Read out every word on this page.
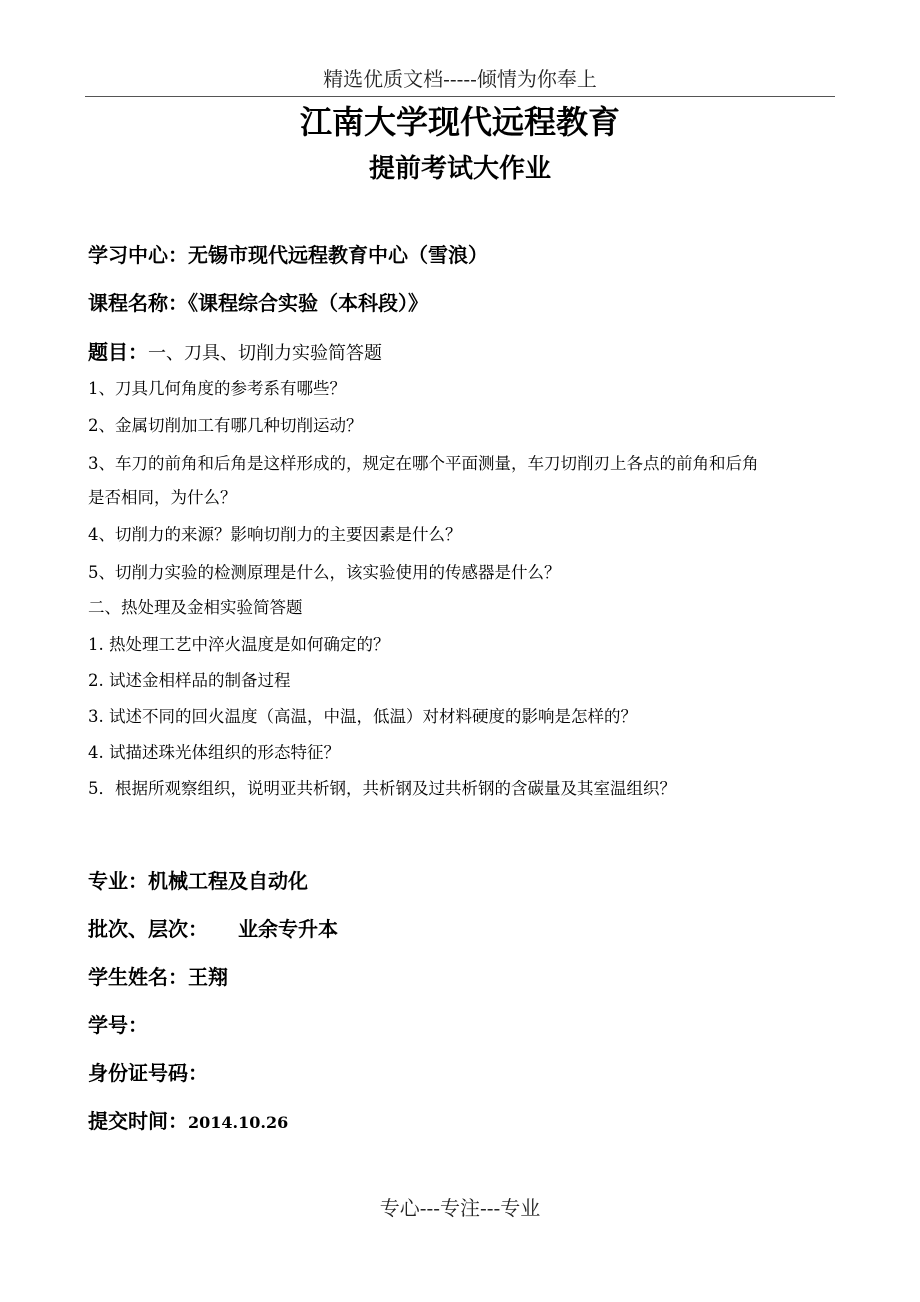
精选优质文档-----倾情为你奉上
江南大学现代远程教育
提前考试大作业
学习中心：无锡市现代远程教育中心（雪浪）
课程名称：《课程综合实验（本科段）》
题目：一、刀具、切削力实验简答题
1、刀具几何角度的参考系有哪些？
2、金属切削加工有哪几种切削运动？
3、车刀的前角和后角是这样形成的，规定在哪个平面测量，车刀切削刃上各点的前角和后角
是否相同，为什么？
4、切削力的来源？影响切削力的主要因素是什么？
5、切削力实验的检测原理是什么，该实验使用的传感器是什么？
二、热处理及金相实验简答题
1. 热处理工艺中淬火温度是如何确定的？
2. 试述金相样品的制备过程
3. 试述不同的回火温度（高温，中温，低温）对材料硬度的影响是怎样的？
4. 试描述珠光体组织的形态特征？
5．根据所观察组织，说明亚共析钢，共析钢及过共析钢的含碳量及其室温组织？
专业：机械工程及自动化
批次、层次： 业余专升本
学生姓名：王翔
学号：
身份证号码：
提交时间：2014.10.26
专心---专注---专业
